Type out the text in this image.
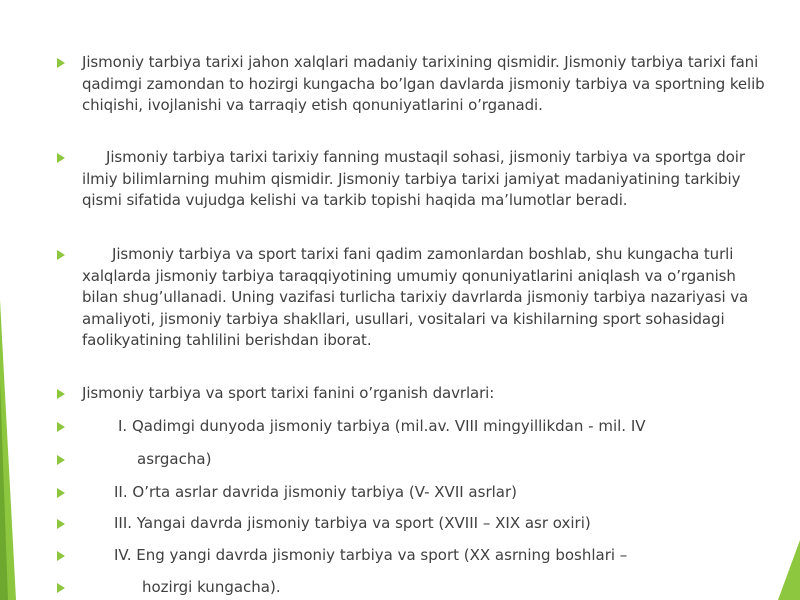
Jismoniy tarbiya tarixi jahon xalqlari madaniy tarixining qismidir. Jismoniy tarbiya tarixi fani qadimgi zamondan to hozirgi kungacha bo’lgan davlarda jismoniy tarbiya va sportning kelib chiqishi, ivojlanishi va tarraqiy etish qonuniyatlarini o’rganadi.
Jismoniy tarbiya tarixi tarixiy fanning mustaqil sohasi, jismoniy tarbiya va sportga doir ilmiy bilimlarning muhim qismidir. Jismoniy tarbiya tarixi jamiyat madaniyatining tarkibiy qismi sifatida vujudga kelishi va tarkib topishi haqida ma’lumotlar beradi.
Jismoniy tarbiya va sport tarixi fani qadim zamonlardan boshlab, shu kungacha turli xalqlarda jismoniy tarbiya taraqqiyotining umumiy qonuniyatlarini aniqlash va o’rganish bilan shug’ullanadi. Uning vazifasi turlicha tarixiy davrlarda jismoniy tarbiya nazariyasi va amaliyoti, jismoniy tarbiya shakllari, usullari, vositalari va kishilarning sport sohasidagi faolikyatining tahlilini berishdan iborat.
Jismoniy tarbiya va sport tarixi fanini o’rganish davrlari:
I. Qadimgi dunyoda jismoniy tarbiya (mil.av. VIII mingyillikdan - mil. IV
asrgacha)
II. O’rta asrlar davrida jismoniy tarbiya (V- XVII asrlar)
III. Yangai davrda jismoniy tarbiya va sport (XVIII – XIX asr oxiri)
IV. Eng yangi davrda jismoniy tarbiya va sport (XX asrning boshlari –
hozirgi kungacha).
